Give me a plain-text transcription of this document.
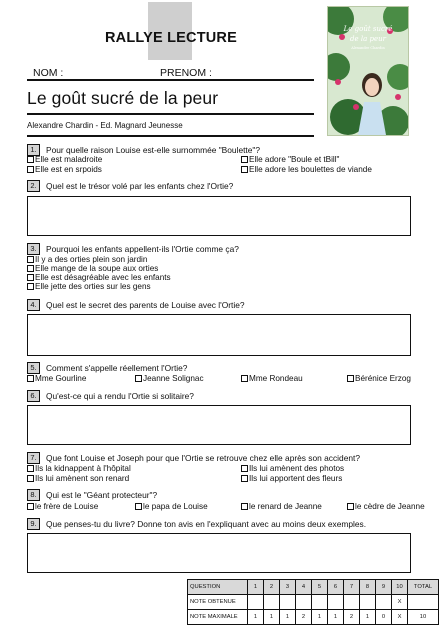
RALLYE LECTURE
NOM :	PRENOM :
Le goût sucré de la peur
Alexandre Chardin - Ed. Magnard Jeunesse
Le goût sucré
de la peur
Alexandre Chardin
1.	Pour quelle raison Louise est-elle surnommée "Boulette"?
Elle est maladroite	Elle adore "Boule et tBill"
Elle est en srpoids	Elle adore les boulettes de viande
2.	Quel est le trésor volé par les enfants chez l'Ortie?
3.	Pourquoi les enfants appellent-ils l'Ortie comme ça?
Il y a des orties plein son jardin
Elle mange de la soupe aux orties
Elle est désagréable avec les enfants
Elle jette des orties sur les gens
4.	Quel est le secret des parents de Louise avec l'Ortie?
5.	Comment s'appelle réellement l'Ortie?
Mme Gourline	Jeanne Solignac	Mme Rondeau	Bérénice Erzog
6.	Qu'est-ce qui a rendu l'Ortie si solitaire?
7.	Que font Louise et Joseph pour que l'Ortie se retrouve chez elle après son accident?
Ils la kidnappent à l'hôpital	Ils lui amènent des photos
Ils lui amènent son renard	Ils lui apportent des fleurs
8.	Qui est le "Géant protecteur"?
le frère de Louise	le papa de Louise	le renard de Jeanne	le cèdre de Jeanne
9.	Que penses-tu du livre? Donne ton avis en l'expliquant avec au moins deux exemples.
QUESTION	1	2	3	4	5	6	7	8	9	10	TOTAL
NOTE OBTENUE										X	
NOTE MAXIMALE	1	1	1	2	1	1	2	1	0	X	10
